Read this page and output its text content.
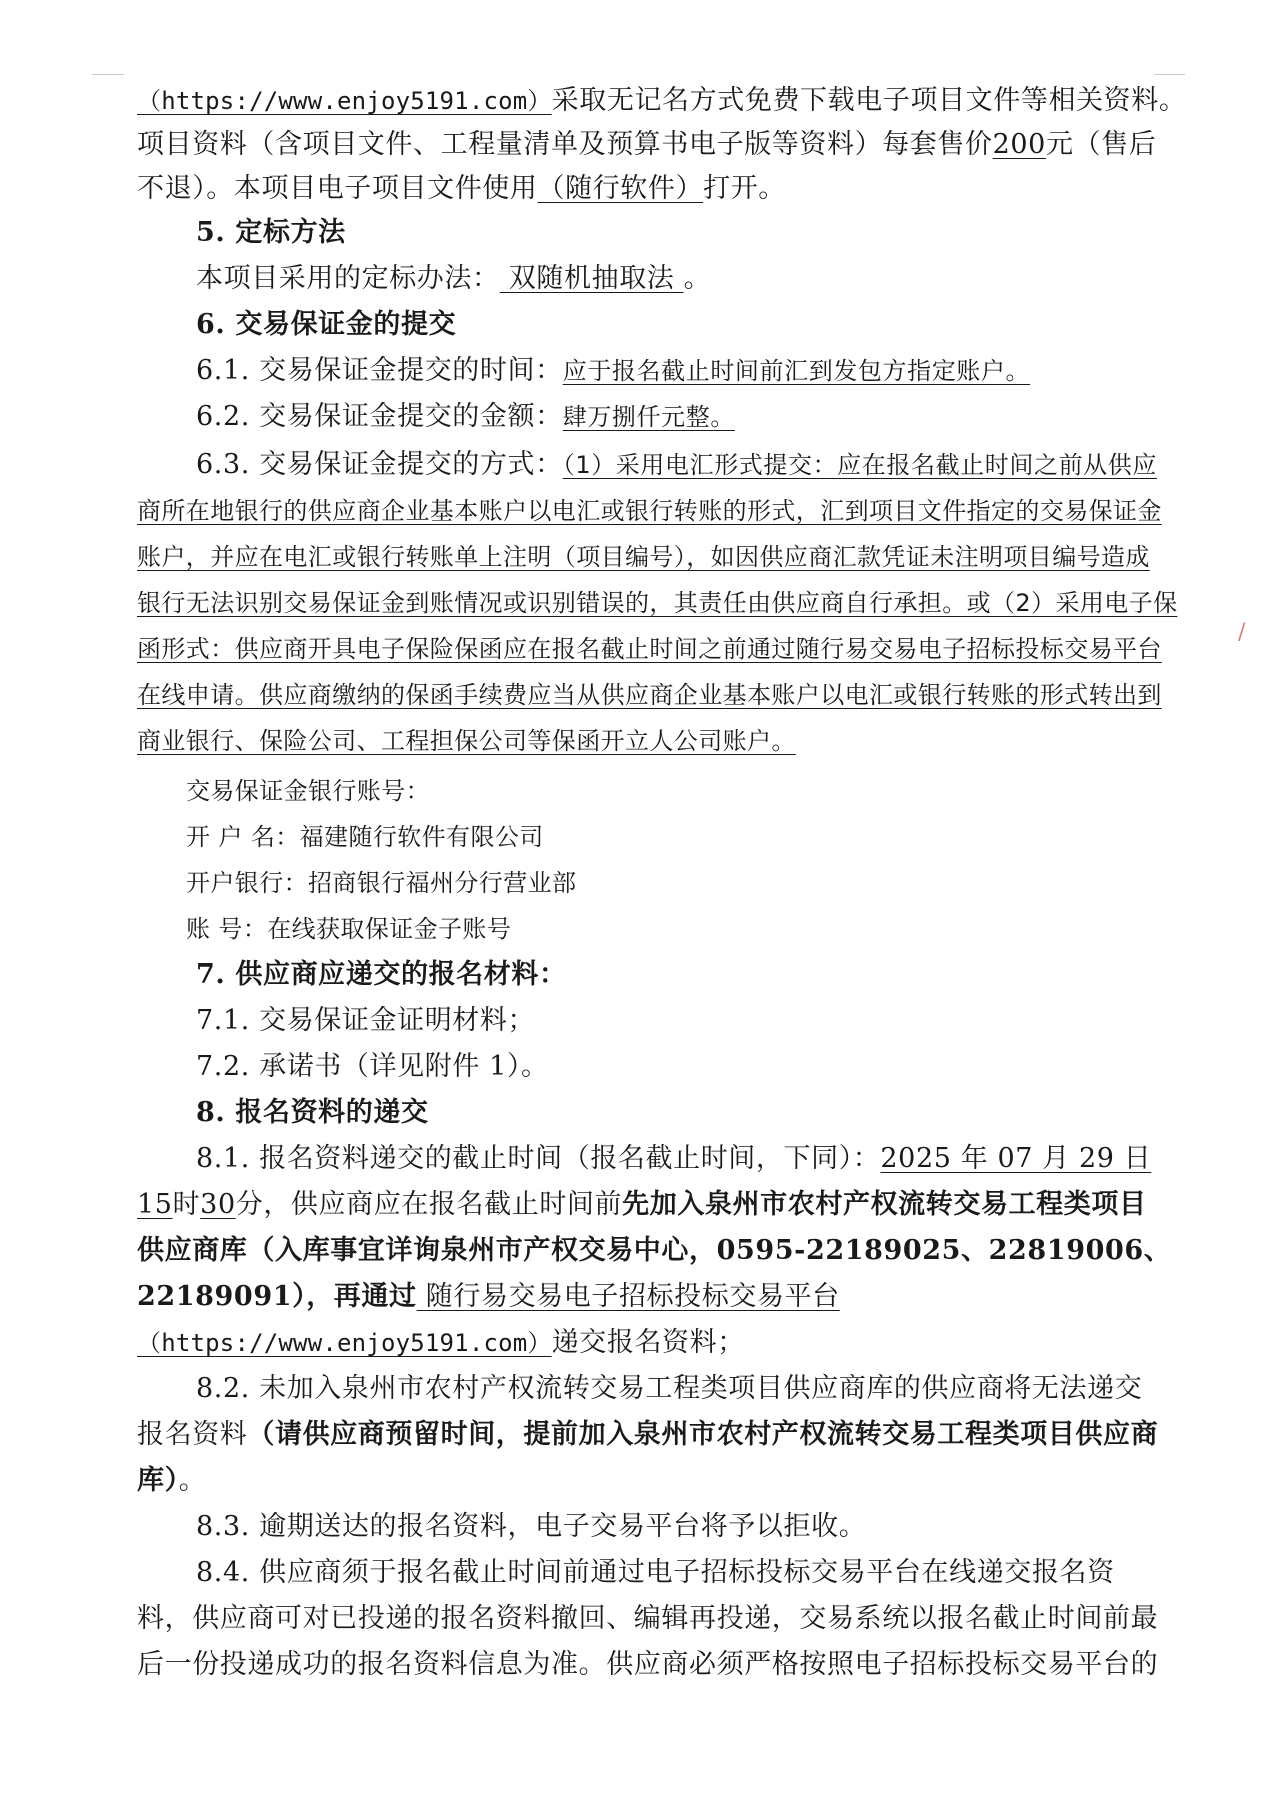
/

（https://www.enjoy5191.com）采取无记名方式免费下载电子项目文件等相关资料。

项目资料（含项目文件、工程量清单及预算书电子版等资料）每套售价200元（售后

不退）。本项目电子项目文件使用（随行软件）打开。

5. 定标方法

本项目采用的定标办法： 双随机抽取法 。

6. 交易保证金的提交

6.1. 交易保证金提交的时间：应于报名截止时间前汇到发包方指定账户。

6.2. 交易保证金提交的金额：肆万捌仟元整。

6.3. 交易保证金提交的方式：（1）采用电汇形式提交：应在报名截止时间之前从供应

商所在地银行的供应商企业基本账户以电汇或银行转账的形式，汇到项目文件指定的交易保证金

账户，并应在电汇或银行转账单上注明（项目编号），如因供应商汇款凭证未注明项目编号造成

银行无法识别交易保证金到账情况或识别错误的，其责任由供应商自行承担。或（2）采用电子保

函形式：供应商开具电子保险保函应在报名截止时间之前通过随行易交易电子招标投标交易平台

在线申请。供应商缴纳的保函手续费应当从供应商企业基本账户以电汇或银行转账的形式转出到

商业银行、保险公司、工程担保公司等保函开立人公司账户。

交易保证金银行账号：

开 户 名：福建随行软件有限公司

开户银行：招商银行福州分行营业部

账 号：在线获取保证金子账号

7. 供应商应递交的报名材料：

7.1. 交易保证金证明材料；

7.2. 承诺书（详见附件 1）。

8. 报名资料的递交

8.1. 报名资料递交的截止时间（报名截止时间，下同）：2025 年 07 月 29 日

15时30分，供应商应在报名截止时间前先加入泉州市农村产权流转交易工程类项目

供应商库（入库事宜详询泉州市产权交易中心，0595-22189025、22819006、

22189091），再通过 随行易交易电子招标投标交易平台

（https://www.enjoy5191.com）递交报名资料；

8.2. 未加入泉州市农村产权流转交易工程类项目供应商库的供应商将无法递交

报名资料（请供应商预留时间，提前加入泉州市农村产权流转交易工程类项目供应商

库）。

8.3. 逾期送达的报名资料，电子交易平台将予以拒收。

8.4. 供应商须于报名截止时间前通过电子招标投标交易平台在线递交报名资

料，供应商可对已投递的报名资料撤回、编辑再投递，交易系统以报名截止时间前最

后一份投递成功的报名资料信息为准。供应商必须严格按照电子招标投标交易平台的
